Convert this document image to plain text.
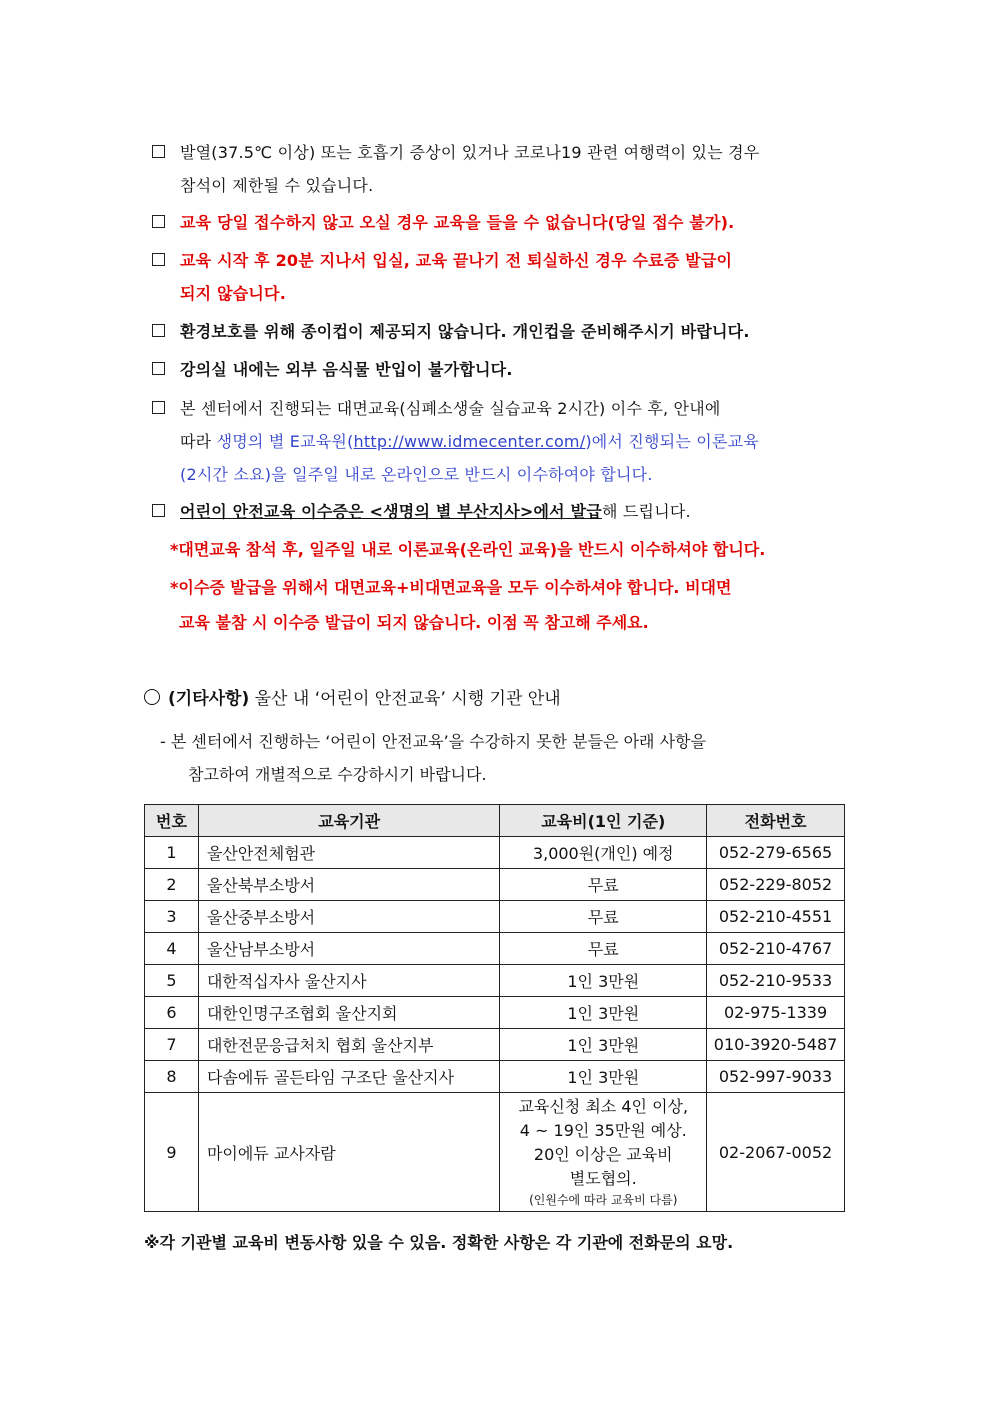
발열(37.5℃ 이상) 또는 호흡기 증상이 있거나 코로나19 관련 여행력이 있는 경우
참석이 제한될 수 있습니다.
교육 당일 접수하지 않고 오실 경우 교육을 들을 수 없습니다(당일 접수 불가).
교육 시작 후 20분 지나서 입실, 교육 끝나기 전 퇴실하신 경우 수료증 발급이
되지 않습니다.
환경보호를 위해 종이컵이 제공되지 않습니다. 개인컵을 준비해주시기 바랍니다.
강의실 내에는 외부 음식물 반입이 불가합니다.
본 센터에서 진행되는 대면교육(심폐소생술 실습교육 2시간) 이수 후, 안내에
따라 생명의 별 E교육원(http://www.idmecenter.com/)에서 진행되는 이론교육
(2시간 소요)을 일주일 내로 온라인으로 반드시 이수하여야 합니다.
어린이 안전교육 이수증은 <생명의 별 부산지사>에서 발급해 드립니다.
*대면교육 참석 후, 일주일 내로 이론교육(온라인 교육)을 반드시 이수하셔야 합니다.
*이수증 발급을 위해서 대면교육+비대면교육을 모두 이수하셔야 합니다. 비대면
교육 불참 시 이수증 발급이 되지 않습니다. 이점 꼭 참고해 주세요.
(기타사항) 울산 내 ‘어린이 안전교육’ 시행 기관 안내
- 본 센터에서 진행하는 ‘어린이 안전교육’을 수강하지 못한 분들은 아래 사항을
참고하여 개별적으로 수강하시기 바랍니다.
번호	교육기관	교육비(1인 기준)	전화번호
1	울산안전체험관	3,000원(개인) 예정	052-279-6565
2	울산북부소방서	무료	052-229-8052
3	울산중부소방서	무료	052-210-4551
4	울산남부소방서	무료	052-210-4767
5	대한적십자사 울산지사	1인 3만원	052-210-9533
6	대한인명구조협회 울산지회	1인 3만원	02-975-1339
7	대한전문응급처치 협회 울산지부	1인 3만원	010-3920-5487
8	다솜에듀 골든타임 구조단 울산지사	1인 3만원	052-997-9033
9	마이에듀 교사자람	교육신청 최소 4인 이상,
4 ~ 19인 35만원 예상.
20인 이상은 교육비
별도협의.
(인원수에 따라 교육비 다름)	02-2067-0052
※각 기관별 교육비 변동사항 있을 수 있음. 정확한 사항은 각 기관에 전화문의 요망.
